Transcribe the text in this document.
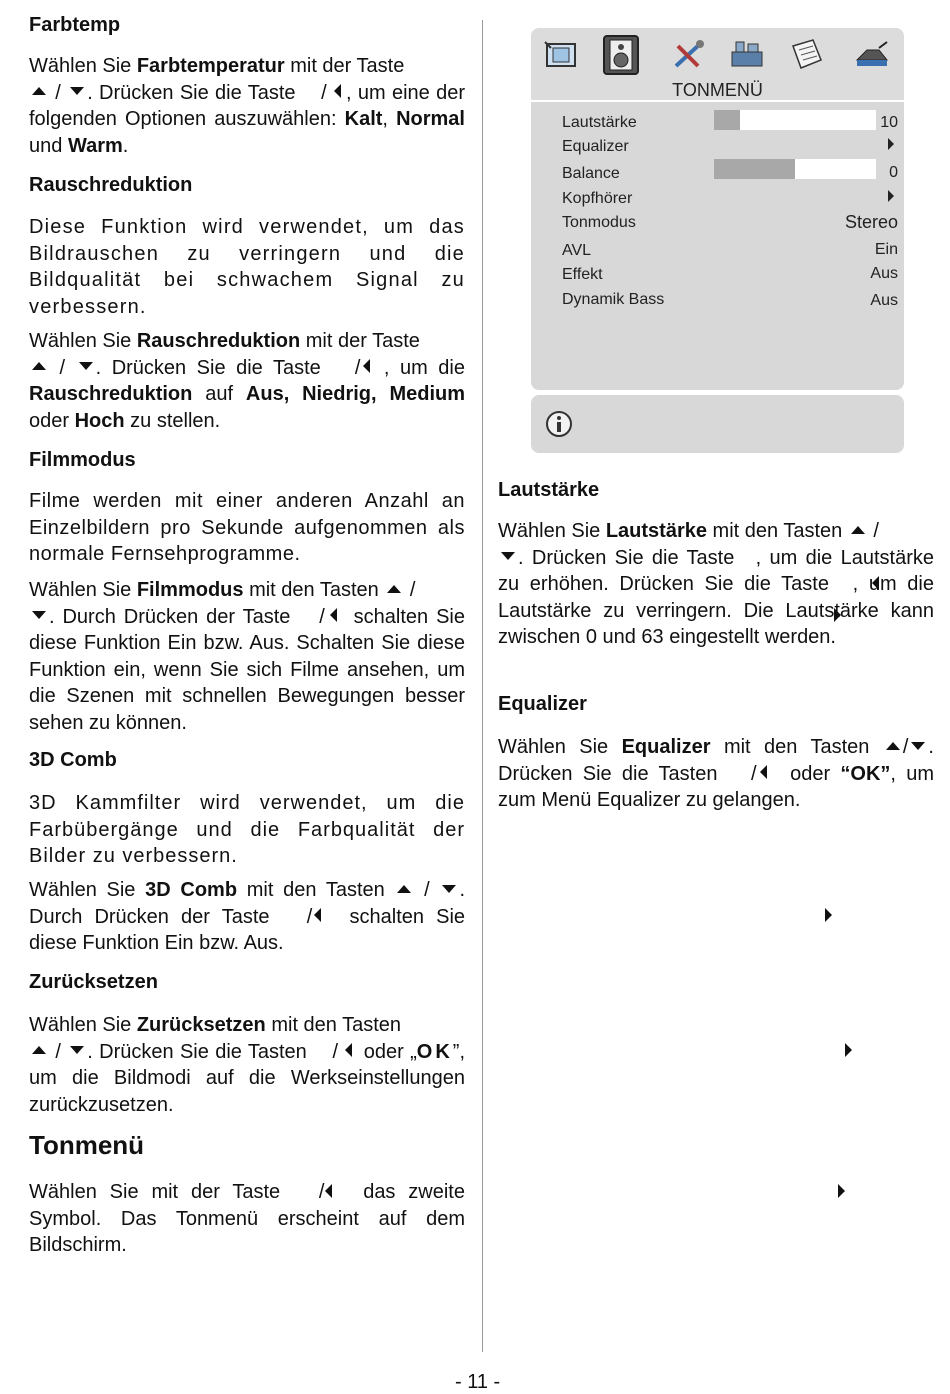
Farbtemp

Wählen Sie Farbtemperatur mit der Taste
/ . Drücken Sie die Taste  / , um eine der folgenden Optionen auszuwählen: Kalt, Normal und Warm.

Rauschreduktion

Diese Funktion wird verwendet, um das Bildrauschen zu verringern und die Bildqualität bei schwachem Signal zu verbessern.

Wählen Sie Rauschreduktion mit der Taste
/ . Drücken Sie die Taste  / , um die Rauschreduktion auf Aus, Niedrig, Medium oder Hoch zu stellen.

Filmmodus

Filme werden mit einer anderen Anzahl an Einzelbildern pro Sekunde aufgenommen als normale Fernsehprogramme.

Wählen Sie Filmmodus mit den Tasten  /
. Durch Drücken der Taste  /  schalten Sie diese Funktion Ein bzw. Aus. Schalten Sie diese Funktion ein, wenn Sie sich Filme ansehen, um die Szenen mit schnellen Bewegungen besser sehen zu können.

3D Comb

3D Kammfilter wird verwendet, um die Farbübergänge und die Farbqualität der Bilder zu verbessern.

Wählen Sie 3D Comb mit den Tasten  / . Durch Drücken der Taste  /  schalten Sie diese Funktion Ein bzw. Aus.

Zurücksetzen

Wählen Sie Zurücksetzen mit den Tasten
/ . Drücken Sie die Tasten  /  oder „OK”, um die Bildmodi auf die Werkseinstellungen zurückzusetzen.

Tonmenü

Wählen Sie mit der Taste  /  das zweite Symbol. Das Tonmenü erscheint auf dem Bildschirm.

TONMENÜ
Lautstärke	10
Equalizer
Balance	0
Kopfhörer
Tonmodus	Stereo
AVL	Ein
Effekt	Aus
Dynamik Bass	Aus
Lautstärke

Wählen Sie Lautstärke mit den Tasten  /
. Drücken Sie die Taste , um die Lautstärke zu erhöhen. Drücken Sie die Taste , um die Lautstärke zu verringern. Die Lautstärke kann zwischen 0 und 63 eingestellt werden.

Equalizer

Wählen Sie Equalizer mit den Tasten / . Drücken Sie die Tasten  /  oder “OK”, um zum Menü Equalizer zu gelangen.

- 11 -
